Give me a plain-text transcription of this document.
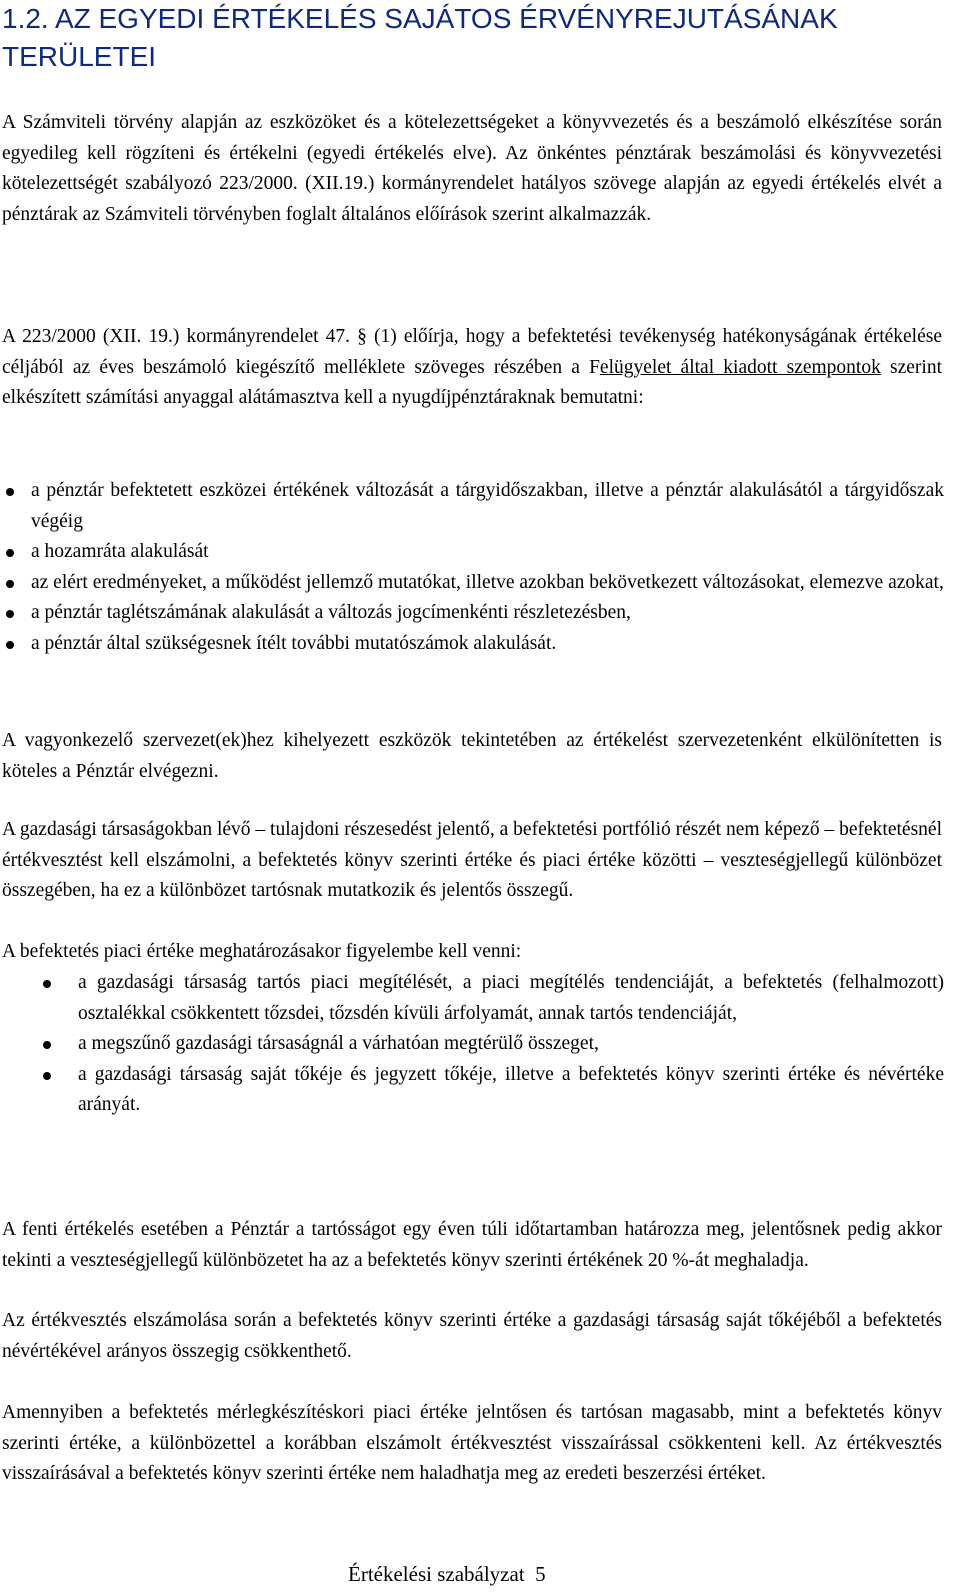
1.2. AZ EGYEDI ÉRTÉKELÉS SAJÁTOS ÉRVÉNYREJUTÁSÁNAK TERÜLETEI

A Számviteli törvény alapján az eszközöket és a kötelezettségeket a könyvvezetés és a beszámoló elkészítése során egyedileg kell rögzíteni és értékelni (egyedi értékelés elve). Az önkéntes pénztárak beszámolási és könyvvezetési kötelezettségét szabályozó 223/2000. (XII.19.) kormányrendelet hatályos szövege alapján az egyedi értékelés elvét a pénztárak az Számviteli törvényben foglalt általános előírások szerint alkalmazzák.

A 223/2000 (XII. 19.) kormányrendelet 47. § (1) előírja, hogy a befektetési tevékenység hatékonyságának értékelése céljából az éves beszámoló kiegészítő melléklete szöveges részében a Felügyelet által kiadott szempontok szerint elkészített számítási anyaggal alátámasztva kell a nyugdíjpénztáraknak bemutatni:

a pénztár befektetett eszközei értékének változását a tárgyidőszakban, illetve a pénztár alakulásától a tárgyidőszak végéig
a hozamráta alakulását
az elért eredményeket, a működést jellemző mutatókat, illetve azokban bekövetkezett változásokat, elemezve azokat,
a pénztár taglétszámának alakulását a változás jogcímenkénti részletezésben,
a pénztár által szükségesnek ítélt további mutatószámok alakulását.

A vagyonkezelő szervezet(ek)hez kihelyezett eszközök tekintetében az értékelést szervezetenként elkülönítetten is köteles a Pénztár elvégezni.

A gazdasági társaságokban lévő – tulajdoni részesedést jelentő, a befektetési portfólió részét nem képező – befektetésnél értékvesztést kell elszámolni, a befektetés könyv szerinti értéke és piaci értéke közötti – veszteségjellegű különbözet összegében, ha ez a különbözet tartósnak mutatkozik és jelentős összegű.

A befektetés piaci értéke meghatározásakor figyelembe kell venni:

a gazdasági társaság tartós piaci megítélését, a piaci megítélés tendenciáját, a befektetés (felhalmozott) osztalékkal csökkentett tőzsdei, tőzsdén kívüli árfolyamát, annak tartós tendenciáját,
a megszűnő gazdasági társaságnál a várhatóan megtérülő összeget,
a gazdasági társaság saját tőkéje és jegyzett tőkéje, illetve a befektetés könyv szerinti értéke és névértéke arányát.

A fenti értékelés esetében a Pénztár a tartósságot egy éven túli időtartamban határozza meg, jelentősnek pedig akkor tekinti a veszteségjellegű különbözetet ha az a befektetés könyv szerinti értékének 20 %-át meghaladja.

Az értékvesztés elszámolása során a befektetés könyv szerinti értéke a gazdasági társaság saját tőkéjéből a befektetés névértékével arányos összegig csökkenthető.

Amennyiben a befektetés mérlegkészítéskori piaci értéke jelntősen és tartósan magasabb, mint a befektetés könyv szerinti értéke, a különbözettel a korábban elszámolt értékvesztést visszaírással csökkenteni kell. Az értékvesztés visszaírásával a befektetés könyv szerinti értéke nem haladhatja meg az eredeti beszerzési értéket.

Értékelési szabályzat  5
